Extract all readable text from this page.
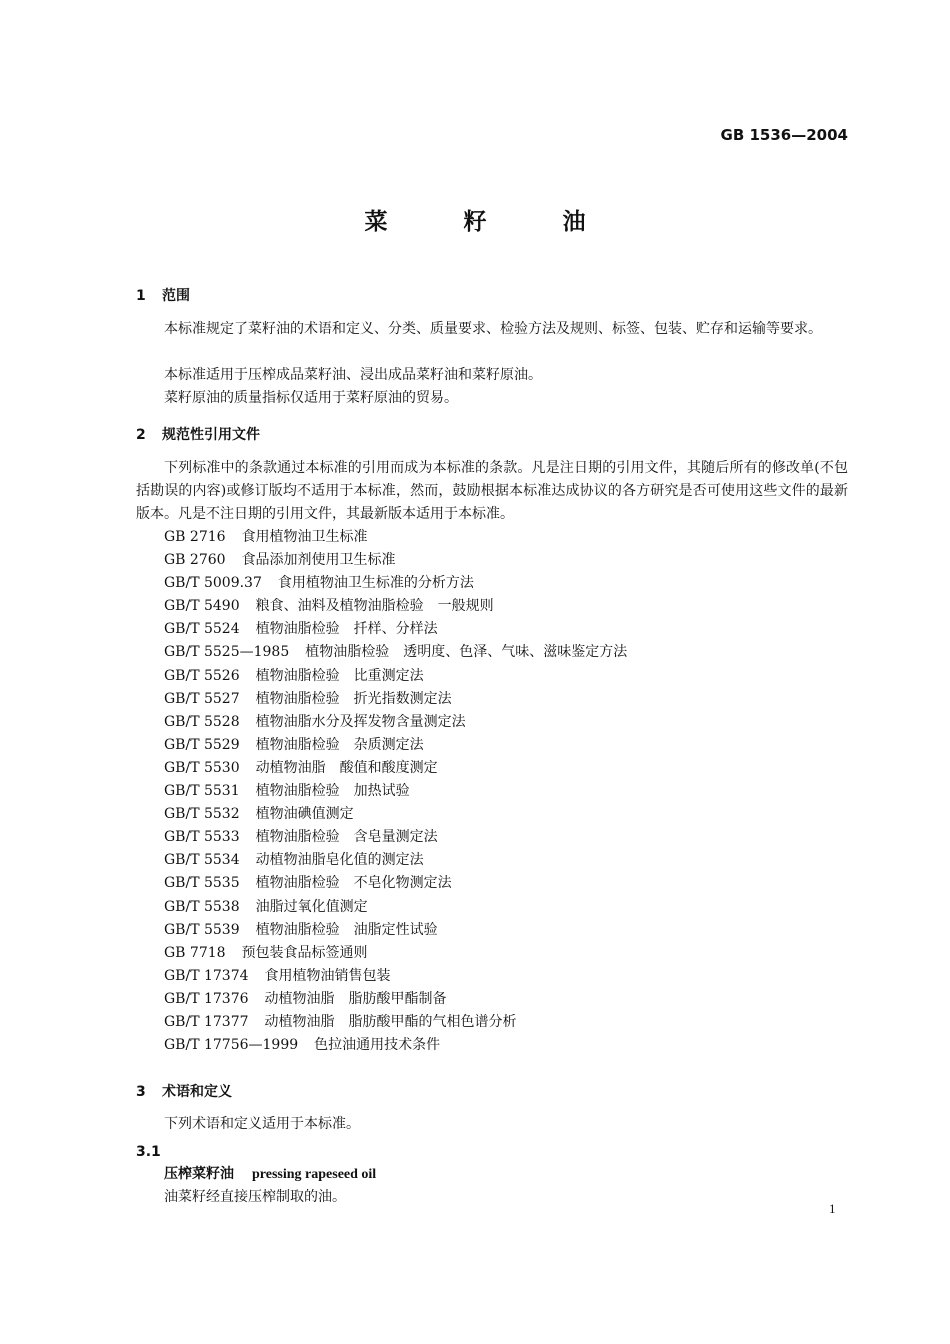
GB 1536—2004
菜	籽	油
1 范围
本标准规定了菜籽油的术语和定义、分类、质量要求、检验方法及规则、标签、包装、贮存和运输等要求。
本标准适用于压榨成品菜籽油、浸出成品菜籽油和菜籽原油。
菜籽原油的质量指标仅适用于菜籽原油的贸易。
2 规范性引用文件
下列标准中的条款通过本标准的引用而成为本标准的条款。凡是注日期的引用文件，其随后所有的修改单(不包括勘误的内容)或修订版均不适用于本标准，然而，鼓励根据本标准达成协议的各方研究是否可使用这些文件的最新版本。凡是不注日期的引用文件，其最新版本适用于本标准。
GB 2716 食用植物油卫生标准
GB 2760 食品添加剂使用卫生标准
GB/T 5009.37 食用植物油卫生标准的分析方法
GB/T 5490 粮食、油料及植物油脂检验　一般规则
GB/T 5524 植物油脂检验　扦样、分样法
GB/T 5525—1985 植物油脂检验　透明度、色泽、气味、滋味鉴定方法
GB/T 5526 植物油脂检验　比重测定法
GB/T 5527 植物油脂检验　折光指数测定法
GB/T 5528 植物油脂水分及挥发物含量测定法
GB/T 5529 植物油脂检验　杂质测定法
GB/T 5530 动植物油脂　酸值和酸度测定
GB/T 5531 植物油脂检验　加热试验
GB/T 5532 植物油碘值测定
GB/T 5533 植物油脂检验　含皂量测定法
GB/T 5534 动植物油脂皂化值的测定法
GB/T 5535 植物油脂检验　不皂化物测定法
GB/T 5538 油脂过氧化值测定
GB/T 5539 植物油脂检验　油脂定性试验
GB 7718 预包装食品标签通则
GB/T 17374 食用植物油销售包装
GB/T 17376 动植物油脂　脂肪酸甲酯制备
GB/T 17377 动植物油脂　脂肪酸甲酯的气相色谱分析
GB/T 17756—1999 色拉油通用技术条件
3 术语和定义
下列术语和定义适用于本标准。
3.1
压榨菜籽油 pressing rapeseed oil
油菜籽经直接压榨制取的油。
1
